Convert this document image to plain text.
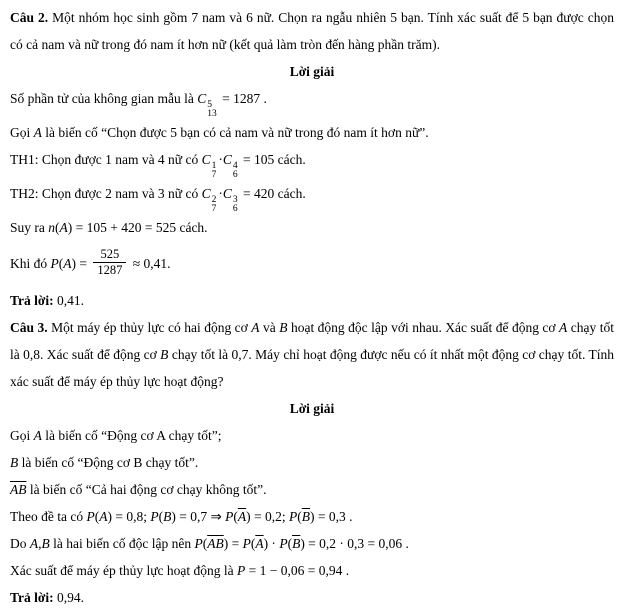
Câu 2. Một nhóm học sinh gồm 7 nam và 6 nữ. Chọn ra ngẫu nhiên 5 bạn. Tính xác suất để 5 bạn được chọn có cả nam và nữ trong đó nam ít hơn nữ (kết quả làm tròn đến hàng phần trăm).

Lời giải

Số phần tử của không gian mẫu là C 5
13
= 1287 .

Gọi A là biến cố “Chọn được 5 bạn có cả nam và nữ trong đó nam ít hơn nữ”.

TH1: Chọn được 1 nam và 4 nữ có C 1
7
·C 4
6
= 105 cách.

TH2: Chọn được 2 nam và 3 nữ có C 2
7
·C 3
6
= 420 cách.

Suy ra n(A) = 105 + 420 = 525 cách.

Khi đó $P(A) = \frac{525}{1287} \approx 0,41$.

Trả lời: 0,41.

Câu 3. Một máy ép thủy lực có hai động cơ A và B hoạt động độc lập với nhau. Xác suất để động cơ A chạy tốt là 0,8. Xác suất để động cơ B chạy tốt là 0,7. Máy chỉ hoạt động được nếu có ít nhất một động cơ chạy tốt. Tính xác suất để máy ép thủy lực hoạt động?

Lời giải

Gọi A là biến cố “Động cơ A chạy tốt”;

B là biến cố “Động cơ B chạy tốt”.

$\overline{AB}$ là biến cố “Cả hai động cơ chạy không tốt”.

Theo đề ta có P(A) = 0,8; P(B) = 0,7 ⇒ $P(\overline{A}) = 0,2$; $P(\overline{B}) = 0,3$ .

Do A,B là hai biến cố độc lập nên $P(\overline{AB}) = P(\overline{A}) \cdot P(\overline{B}) = 0,2 \cdot 0,3 = 0,06$ .

Xác suất để máy ép thủy lực hoạt động là P = 1 − 0,06 = 0,94 .

Trả lời: 0,94.
